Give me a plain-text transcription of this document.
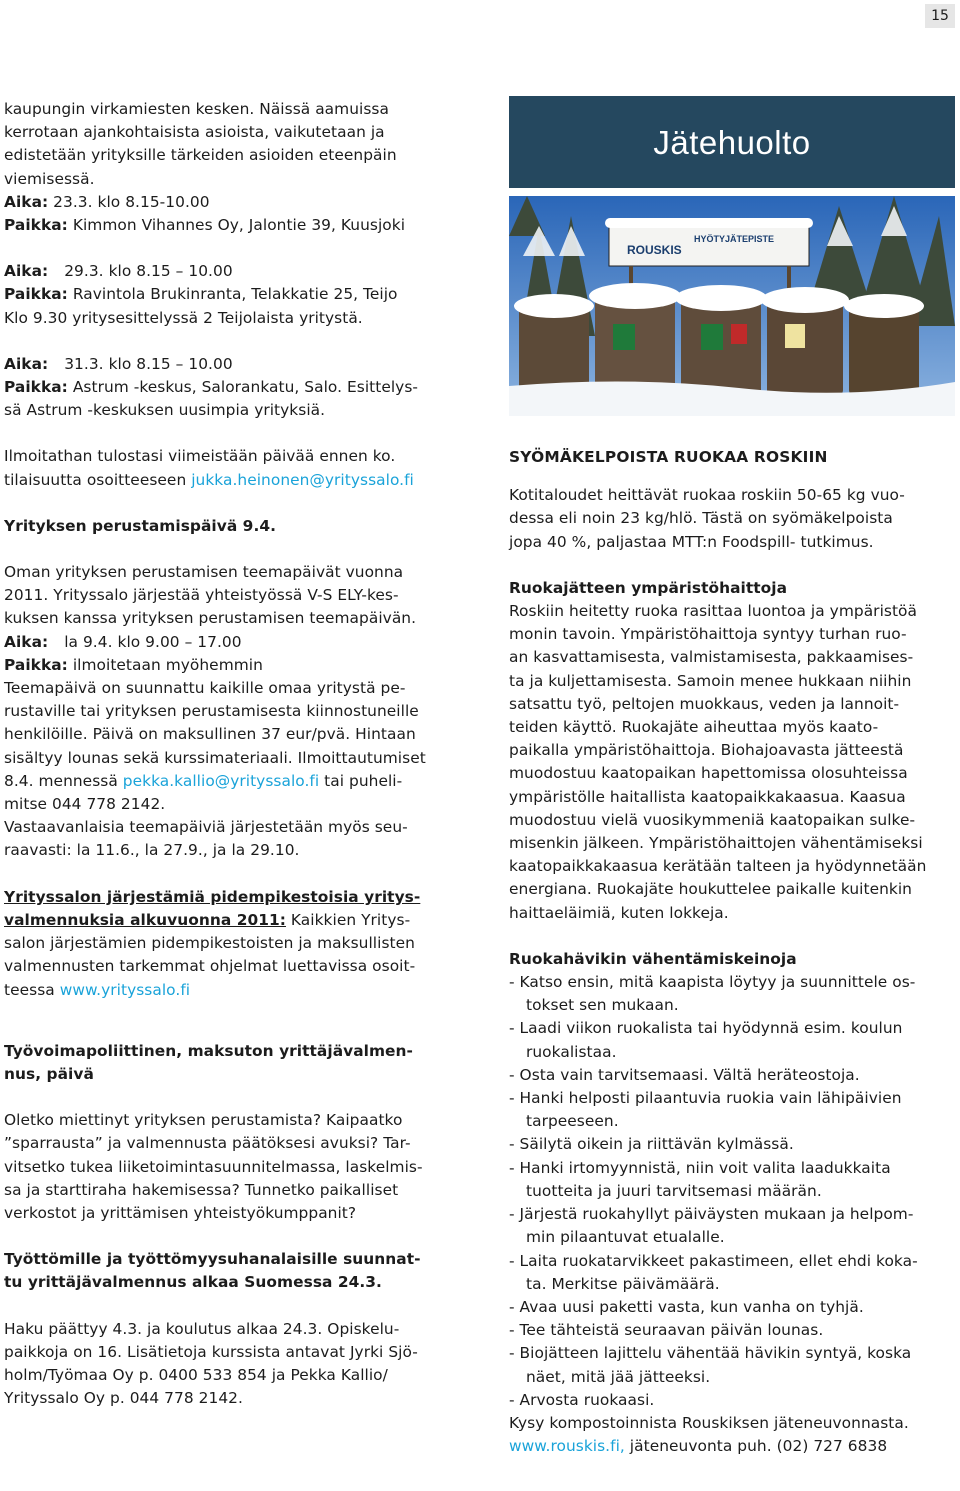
15

kaupungin virkamiesten kesken. Näissä aamuissa

kerrotaan ajankohtaisista asioista, vaikutetaan ja

edistetään yrityksille tärkeiden asioiden eteenpäin

viemisessä.

Aika: 23.3. klo 8.15-10.00

Paikka: Kimmon Vihannes Oy, Jalontie 39, Kuusjoki

Aika: 29.3. klo 8.15 – 10.00

Paikka: Ravintola Brukinranta, Telakkatie 25, Teijo

Klo 9.30 yritysesittelyssä 2 Teijolaista yritystä.

Aika: 31.3. klo 8.15 – 10.00

Paikka: Astrum -keskus, Salorankatu, Salo. Esittelys-

sä Astrum -keskuksen uusimpia yrityksiä.

Ilmoitathan tulostasi viimeistään päivää ennen ko.

tilaisuutta osoitteeseen jukka.heinonen@yrityssalo.fi

Yrityksen perustamispäivä 9.4.

Oman yrityksen perustamisen teemapäivät vuonna

2011. Yrityssalo järjestää yhteistyössä V-S ELY-kes-

kuksen kanssa yrityksen perustamisen teemapäivän.

Aika: la 9.4. klo 9.00 – 17.00

Paikka: ilmoitetaan myöhemmin

Teemapäivä on suunnattu kaikille omaa yritystä pe-

rustaville tai yrityksen perustamisesta kiinnostuneille

henkilöille. Päivä on maksullinen 37 eur/pvä. Hintaan

sisältyy lounas sekä kurssimateriaali. Ilmoittautumiset

8.4. mennessä pekka.kallio@yrityssalo.fi tai puheli-

mitse 044 778 2142.

Vastaavanlaisia teemapäiviä järjestetään myös seu-

raavasti: la 11.6., la 27.9., ja la 29.10.

Yrityssalon järjestämiä pidempikestoisia yritys-

valmennuksia alkuvuonna 2011: Kaikkien Yritys-

salon järjestämien pidempikestoisten ja maksullisten

valmennusten tarkemmat ohjelmat luettavissa osoit-

teessa www.yrityssalo.fi

Työvoimapoliittinen, maksuton yrittäjävalmen-

nus, päivä

Oletko miettinyt yrityksen perustamista? Kaipaatko

”sparrausta” ja valmennusta päätöksesi avuksi? Tar-

vitsetko tukea liiketoimintasuunnitelmassa, laskelmis-

sa ja starttiraha hakemisessa? Tunnetko paikalliset

verkostot ja yrittämisen yhteistyökumppanit?

Työttömille ja työttömyysuhanalaisille suunnat-

tu yrittäjävalmennus alkaa Suomessa 24.3.

Haku päättyy 4.3. ja koulutus alkaa 24.3. Opiskelu-

paikkoja on 16. Lisätietoja kurssista antavat Jyrki Sjö-

holm/Työmaa Oy p. 0400 533 854 ja Pekka Kallio/

Yrityssalo Oy p. 044 778 2142.

Jätehuolto
ROUSKIS
HYÖTYJÄTEPISTE

SYÖMÄKELPOISTA RUOKAA ROSKIIN

Kotitaloudet heittävät ruokaa roskiin 50-65 kg vuo-

dessa eli noin 23 kg/hlö. Tästä on syömäkelpoista

jopa 40 %, paljastaa MTT:n Foodspill- tutkimus.

Ruokajätteen ympäristöhaittoja

Roskiin heitetty ruoka rasittaa luontoa ja ympäristöä

monin tavoin. Ympäristöhaittoja syntyy turhan ruo-

an kasvattamisesta, valmistamisesta, pakkaamises-

ta ja kuljettamisesta. Samoin menee hukkaan niihin

satsattu työ, peltojen muokkaus, veden ja lannoit-

teiden käyttö. Ruokajäte aiheuttaa myös kaato-

paikalla ympäristöhaittoja. Biohajoavasta jätteestä

muodostuu kaatopaikan hapettomissa olosuhteissa

ympäristölle haitallista kaatopaikkakaasua. Kaasua

muodostuu vielä vuosikymmeniä kaatopaikan sulke-

misenkin jälkeen. Ympäristöhaittojen vähentämiseksi

kaatopaikkakaasua kerätään talteen ja hyödynnetään

energiana. Ruokajäte houkuttelee paikalle kuitenkin

haittaeläimiä, kuten lokkeja.

Ruokahävikin vähentämiskeinoja

- Katso ensin, mitä kaapista löytyy ja suunnittele os-

tokset sen mukaan.

- Laadi viikon ruokalista tai hyödynnä esim. koulun

ruokalistaa.

- Osta vain tarvitsemaasi. Vältä heräteostoja.

- Hanki helposti pilaantuvia ruokia vain lähipäivien

tarpeeseen.

- Säilytä oikein ja riittävän kylmässä.

- Hanki irtomyynnistä, niin voit valita laadukkaita

tuotteita ja juuri tarvitsemasi määrän.

- Järjestä ruokahyllyt päiväysten mukaan ja helpom-

min pilaantuvat etualalle.

- Laita ruokatarvikkeet pakastimeen, ellet ehdi koka-

ta. Merkitse päivämäärä.

- Avaa uusi paketti vasta, kun vanha on tyhjä.

- Tee tähteistä seuraavan päivän lounas.

- Biojätteen lajittelu vähentää hävikin syntyä, koska

näet, mitä jää jätteeksi.

- Arvosta ruokaasi.

Kysy kompostoinnista Rouskiksen jäteneuvonnasta.

www.rouskis.fi, jäteneuvonta puh. (02) 727 6838
